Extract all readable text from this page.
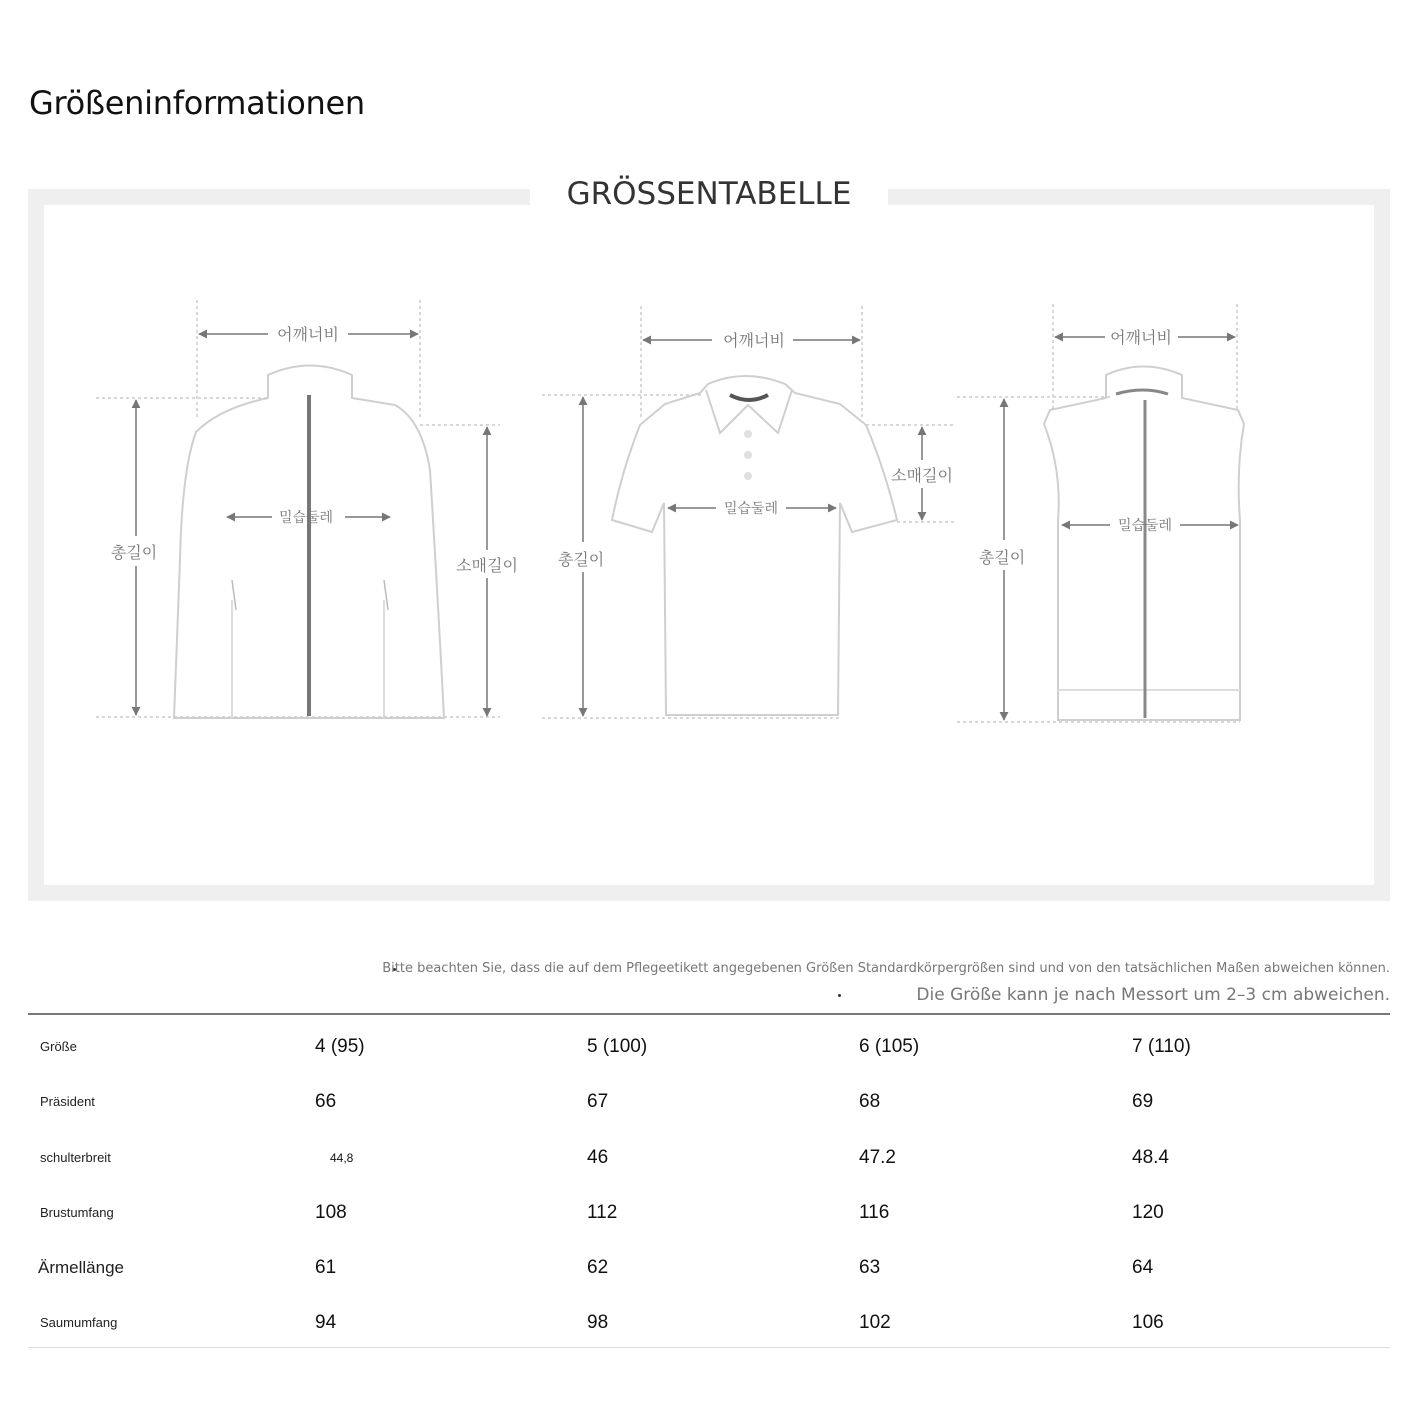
Größeninformationen
GRÖSSENTABELLE
어깨너비
밀습둘레
총길이
소매길이
어깨너비
밀습둘레
총길이
소매길이
어깨너비
밀습둘레
총길이
Bitte beachten Sie, dass die auf dem Pflegeetikett angegebenen Größen Standardkörpergrößen sind und von den tatsächlichen Maßen abweichen können.
Die Größe kann je nach Messort um 2–3 cm abweichen.
Größe	4 (95)	5 (100)	6 (105)	7 (110)
Präsident	66	67	68	69
schulterbreit	44,8	46	47.2	48.4
Brustumfang	108	112	116	120
Ärmellänge	61	62	63	64
Saumumfang	94	98	102	106
